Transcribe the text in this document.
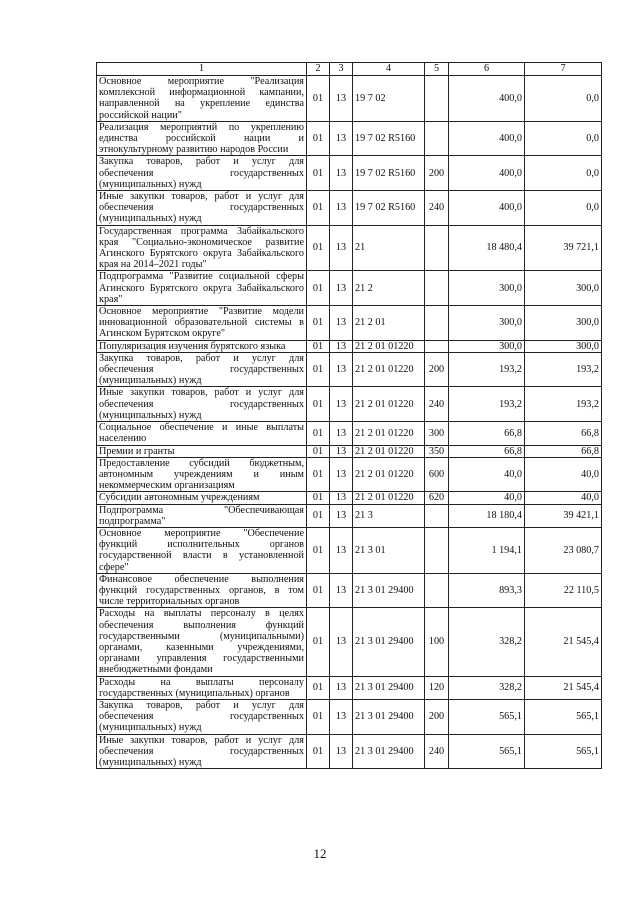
1	2	3	4	5	6	7
Основное мероприятие "Реализация комплексной информационной кампании, направленной на укрепление единства российской нации"	01	13	19 7 02		400,0	0,0
Реализация мероприятий по укреплению единства российской нации и этнокультурному развитию народов России	01	13	19 7 02 R5160		400,0	0,0
Закупка товаров, работ и услуг для обеспечения государственных (муниципальных) нужд	01	13	19 7 02 R5160	200	400,0	0,0
Иные закупки товаров, работ и услуг для обеспечения государственных (муниципальных) нужд	01	13	19 7 02 R5160	240	400,0	0,0
Государственная программа Забайкальского края "Социально-экономическое развитие Агинского Бурятского округа Забайкальского края на 2014–2021 годы"	01	13	21		18 480,4	39 721,1
Подпрограмма "Развитие социальной сферы Агинского Бурятского округа Забайкальского края"	01	13	21 2		300,0	300,0
Основное мероприятие "Развитие модели инновационной образовательной системы в Агинском Бурятском округе"	01	13	21 2 01		300,0	300,0
Популяризация изучения бурятского языка	01	13	21 2 01 01220		300,0	300,0
Закупка товаров, работ и услуг для обеспечения государственных (муниципальных) нужд	01	13	21 2 01 01220	200	193,2	193,2
Иные закупки товаров, работ и услуг для обеспечения государственных (муниципальных) нужд	01	13	21 2 01 01220	240	193,2	193,2
Социальное обеспечение и иные выплаты населению	01	13	21 2 01 01220	300	66,8	66,8
Премии и гранты	01	13	21 2 01 01220	350	66,8	66,8
Предоставление субсидий бюджетным, автономным учреждениям и иным некоммерческим организациям	01	13	21 2 01 01220	600	40,0	40,0
Субсидии автономным учреждениям	01	13	21 2 01 01220	620	40,0	40,0
Подпрограмма "Обеспечивающая подпрограмма"	01	13	21 3		18 180,4	39 421,1
Основное мероприятие "Обеспечение функций исполнительных органов государственной власти в установленной сфере"	01	13	21 3 01		1 194,1	23 080,7
Финансовое обеспечение выполнения функций государственных органов, в том числе территориальных органов	01	13	21 3 01 29400		893,3	22 110,5
Расходы на выплаты персоналу в целях обеспечения выполнения функций государственными (муниципальными) органами, казенными учреждениями, органами управления государственными внебюджетными фондами	01	13	21 3 01 29400	100	328,2	21 545,4
Расходы на выплаты персоналу государственных (муниципальных) органов	01	13	21 3 01 29400	120	328,2	21 545,4
Закупка товаров, работ и услуг для обеспечения государственных (муниципальных) нужд	01	13	21 3 01 29400	200	565,1	565,1
Иные закупки товаров, работ и услуг для обеспечения государственных (муниципальных) нужд	01	13	21 3 01 29400	240	565,1	565,1
12
